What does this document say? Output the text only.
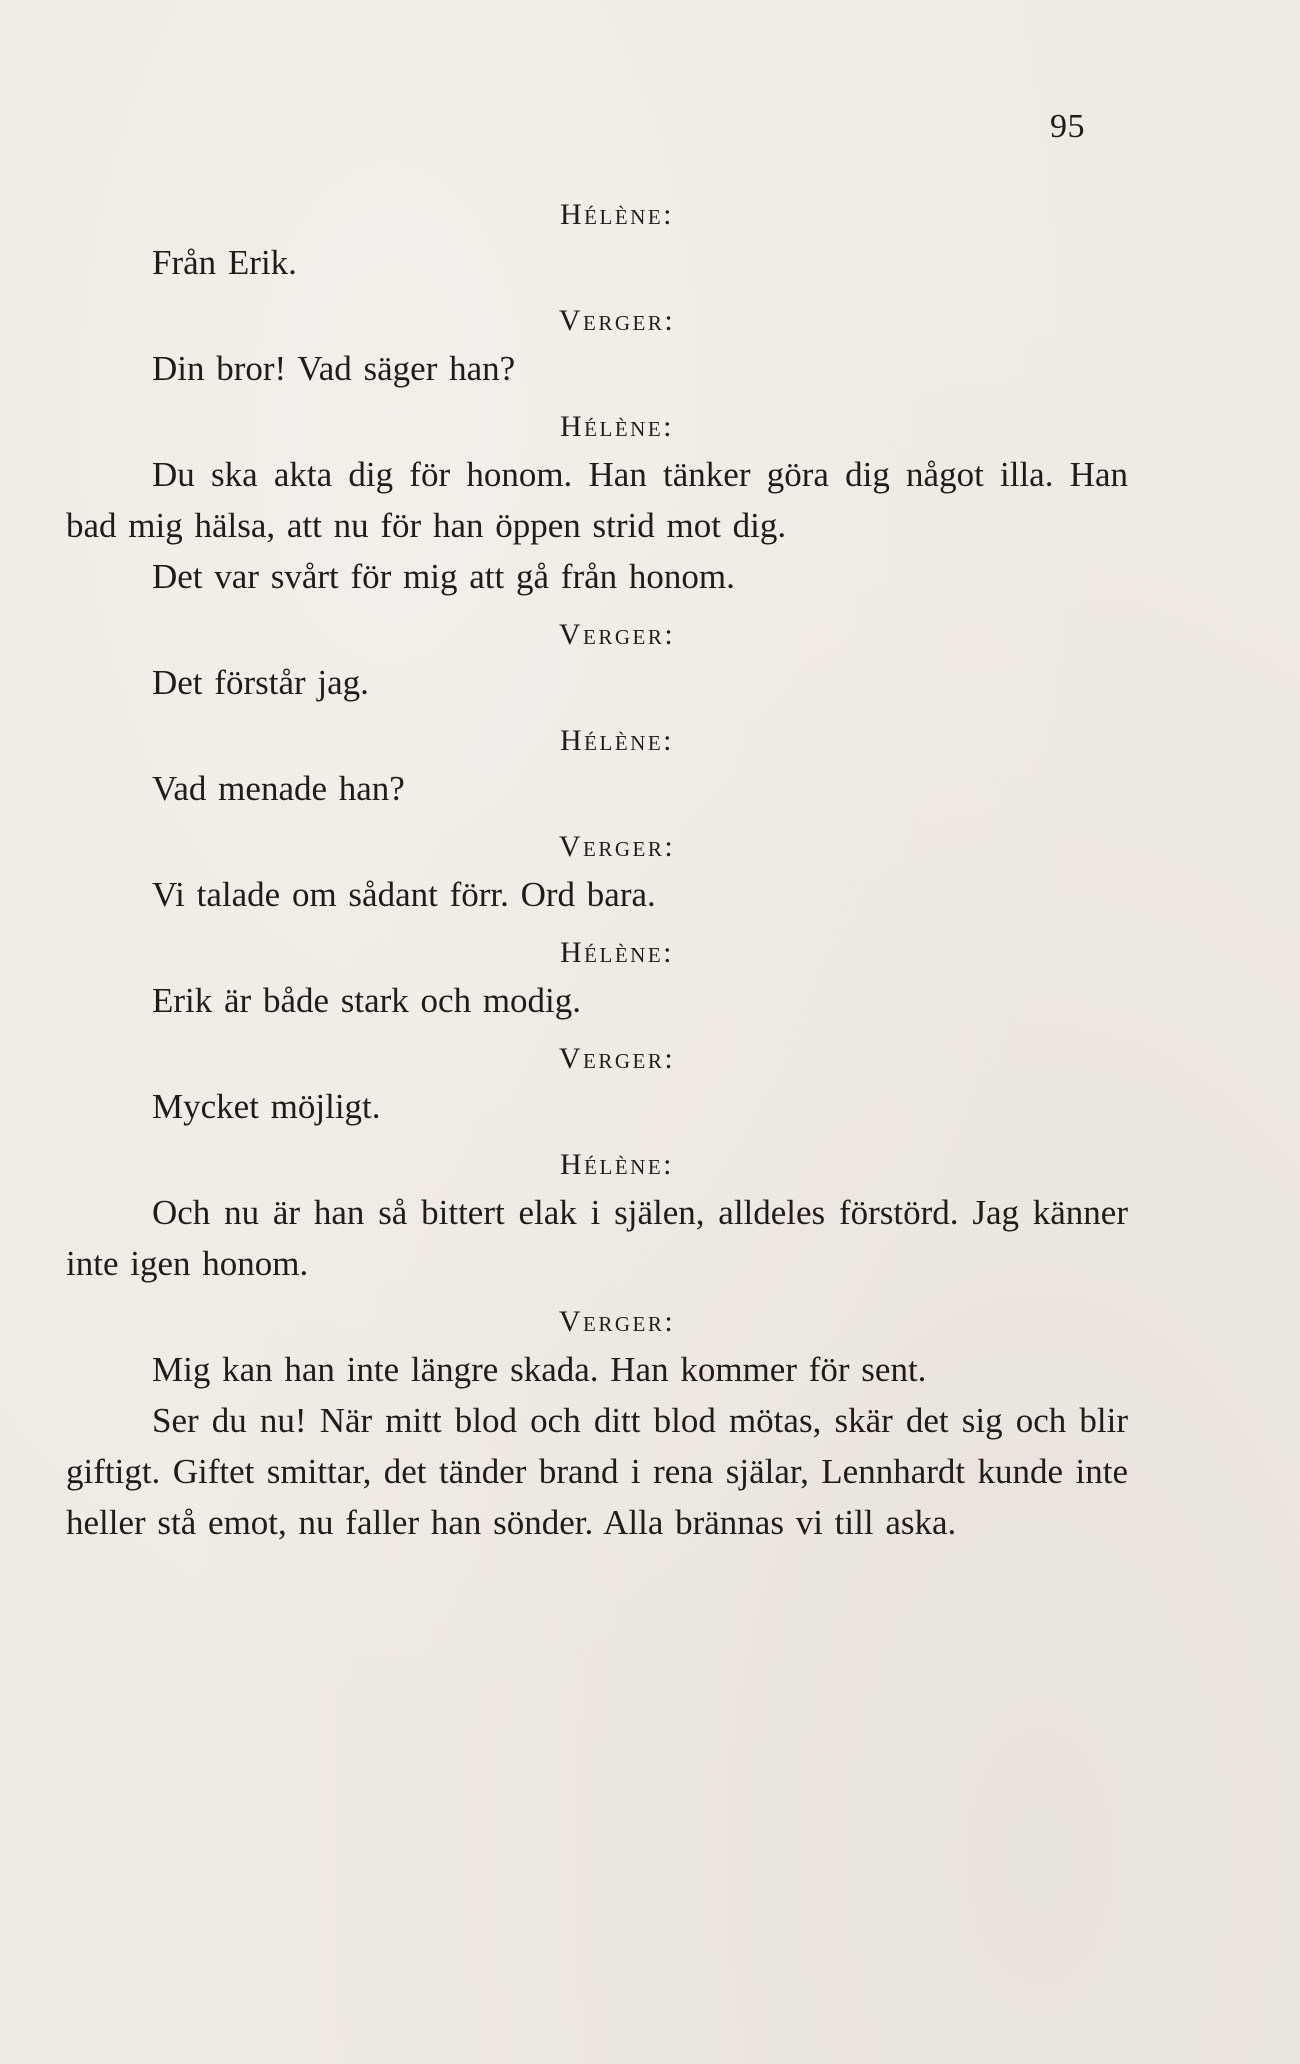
95
Hélène:

Från Erik.

Verger:

Din bror! Vad säger han?

Hélène:

Du ska akta dig för honom. Han tänker göra dig något illa. Han bad mig hälsa, att nu för han öppen strid mot dig.

Det var svårt för mig att gå från honom.

Verger:

Det förstår jag.

Hélène:

Vad menade han?

Verger:

Vi talade om sådant förr. Ord bara.

Hélène:

Erik är både stark och modig.

Verger:

Mycket möjligt.

Hélène:

Och nu är han så bittert elak i själen, alldeles förstörd. Jag känner inte igen honom.

Verger:

Mig kan han inte längre skada. Han kommer för sent.

Ser du nu! När mitt blod och ditt blod mötas, skär det sig och blir giftigt. Giftet smittar, det tänder brand i rena själar, Lennhardt kunde inte heller stå emot, nu faller han sönder. Alla brännas vi till aska.
